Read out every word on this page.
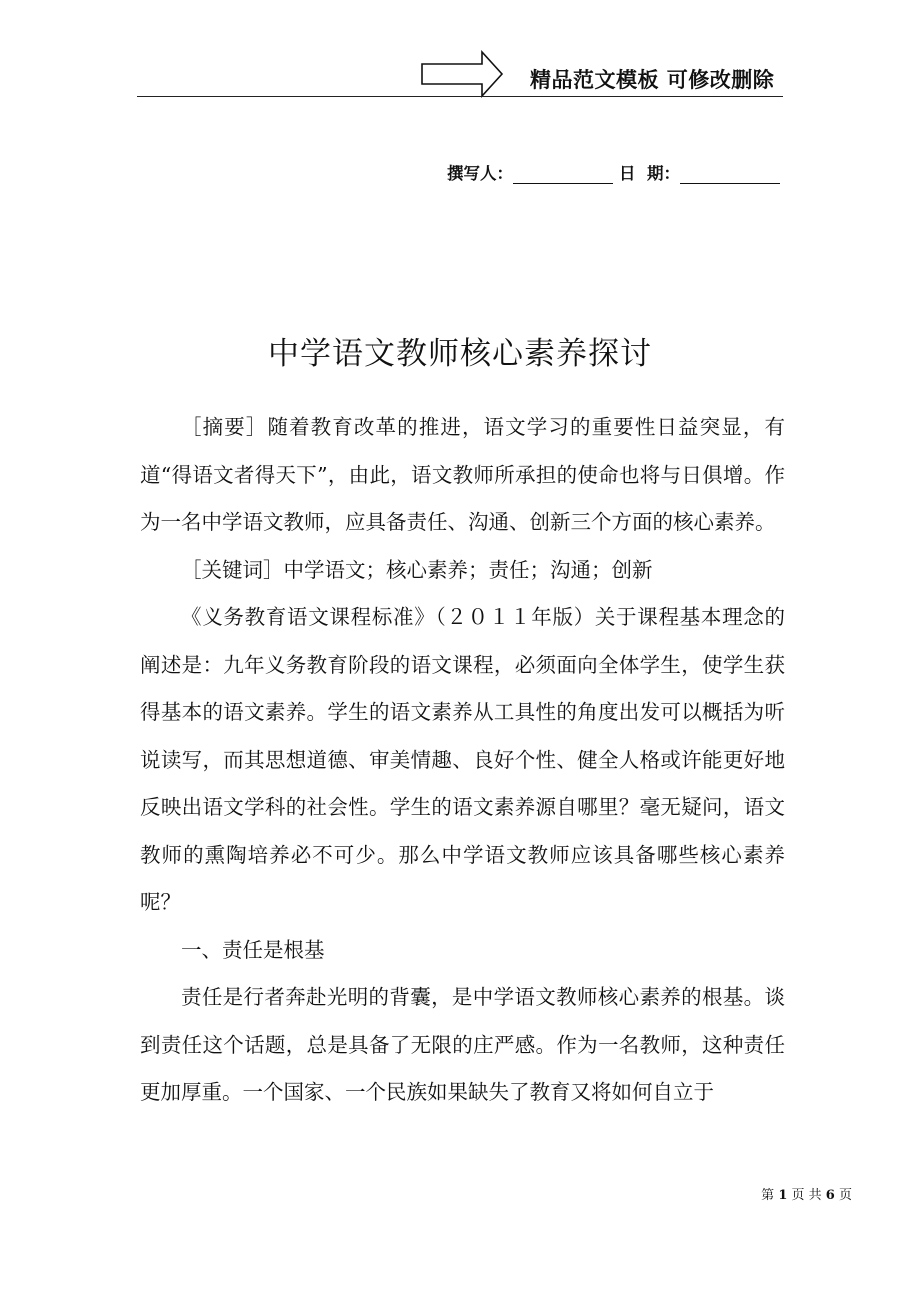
精品范文模板 可修改删除
撰写人：	日  期：
中学语文教师核心素养探讨

［摘要］随着教育改革的推进，语文学习的重要性日益突显，有道“得语文者得天下”，由此，语文教师所承担的使命也将与日俱增。作为一名中学语文教师，应具备责任、沟通、创新三个方面的核心素养。

［关键词］中学语文；核心素养；责任；沟通；创新

《义务教育语文课程标准》（２０１１年版）关于课程基本理念的阐述是：九年义务教育阶段的语文课程，必须面向全体学生，使学生获得基本的语文素养。学生的语文素养从工具性的角度出发可以概括为听说读写，而其思想道德、审美情趣、良好个性、健全人格或许能更好地反映出语文学科的社会性。学生的语文素养源自哪里？毫无疑问，语文教师的熏陶培养必不可少。那么中学语文教师应该具备哪些核心素养呢？

一、责任是根基

责任是行者奔赴光明的背囊，是中学语文教师核心素养的根基。谈到责任这个话题，总是具备了无限的庄严感。作为一名教师，这种责任更加厚重。一个国家、一个民族如果缺失了教育又将如何自立于

第 1 页 共 6 页
